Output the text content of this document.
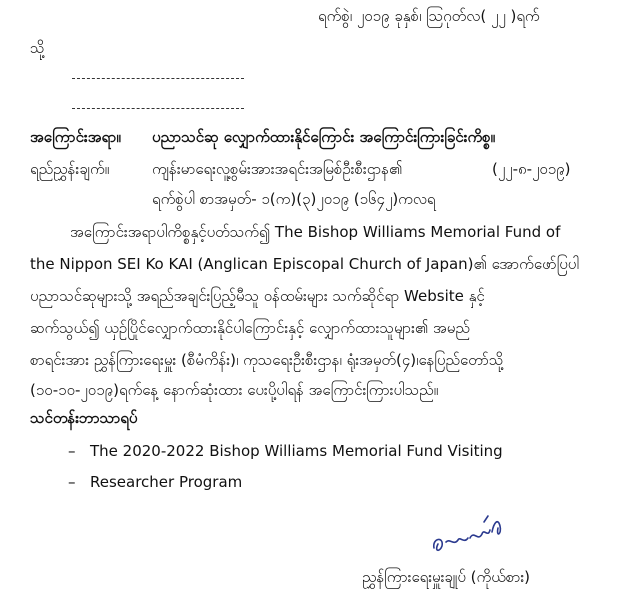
ရက်စွဲ၊ ၂၀၁၉ ခုနှစ်၊ ဩဂုတ်လ( ၂၂ )ရက်
သို့
အကြောင်းအရာ။ ပညာသင်ဆု လျှောက်ထားနိုင်ကြောင်း အကြောင်းကြားခြင်းကိစ္စ။
ရည်ညွှန်းချက်။	ကျန်းမာရေးလူ့စွမ်းအားအရင်းအမြစ်ဦးစီးဌာန၏	(၂၂-၈-၂၀၁၉)
ရက်စွဲပါ စာအမှတ်- ၁(က)(၃)၂၀၁၉ (၁၆၄၂)ကလရ
အကြောင်းအရာပါကိစ္စနှင့်ပတ်သက်၍ The Bishop Williams Memorial Fund of
the Nippon SEI Ko KAI (Anglican Episcopal Church of Japan)၏ အောက်ဖော်ပြပါ
ပညာသင်ဆုများသို့ အရည်အချင်းပြည့်မီသူ ဝန်ထမ်းများ သက်ဆိုင်ရာ Website နှင့်
ဆက်သွယ်၍ ယှဉ်ပြိုင်လျှောက်ထားနိုင်ပါကြောင်းနှင့် လျှောက်ထားသူများ၏ အမည်
စာရင်းအား ညွှန်ကြားရေးမှူး (စီမံကိန်း)၊ ကုသရေးဦးစီးဌာန၊ ရုံးအမှတ်(၄)၊နေပြည်တော်သို့
(၁၀-၁၀-၂၀၁၉)ရက်နေ့ နောက်ဆုံးထား ပေးပို့ပါရန် အကြောင်းကြားပါသည်။
သင်တန်းဘာသာရပ်
– The 2020-2022 Bishop Williams Memorial Fund Visiting
– Researcher Program
ဝင်းလှိုင်
ညွှန်ကြားရေးမှူးချုပ် (ကိုယ်စား)
